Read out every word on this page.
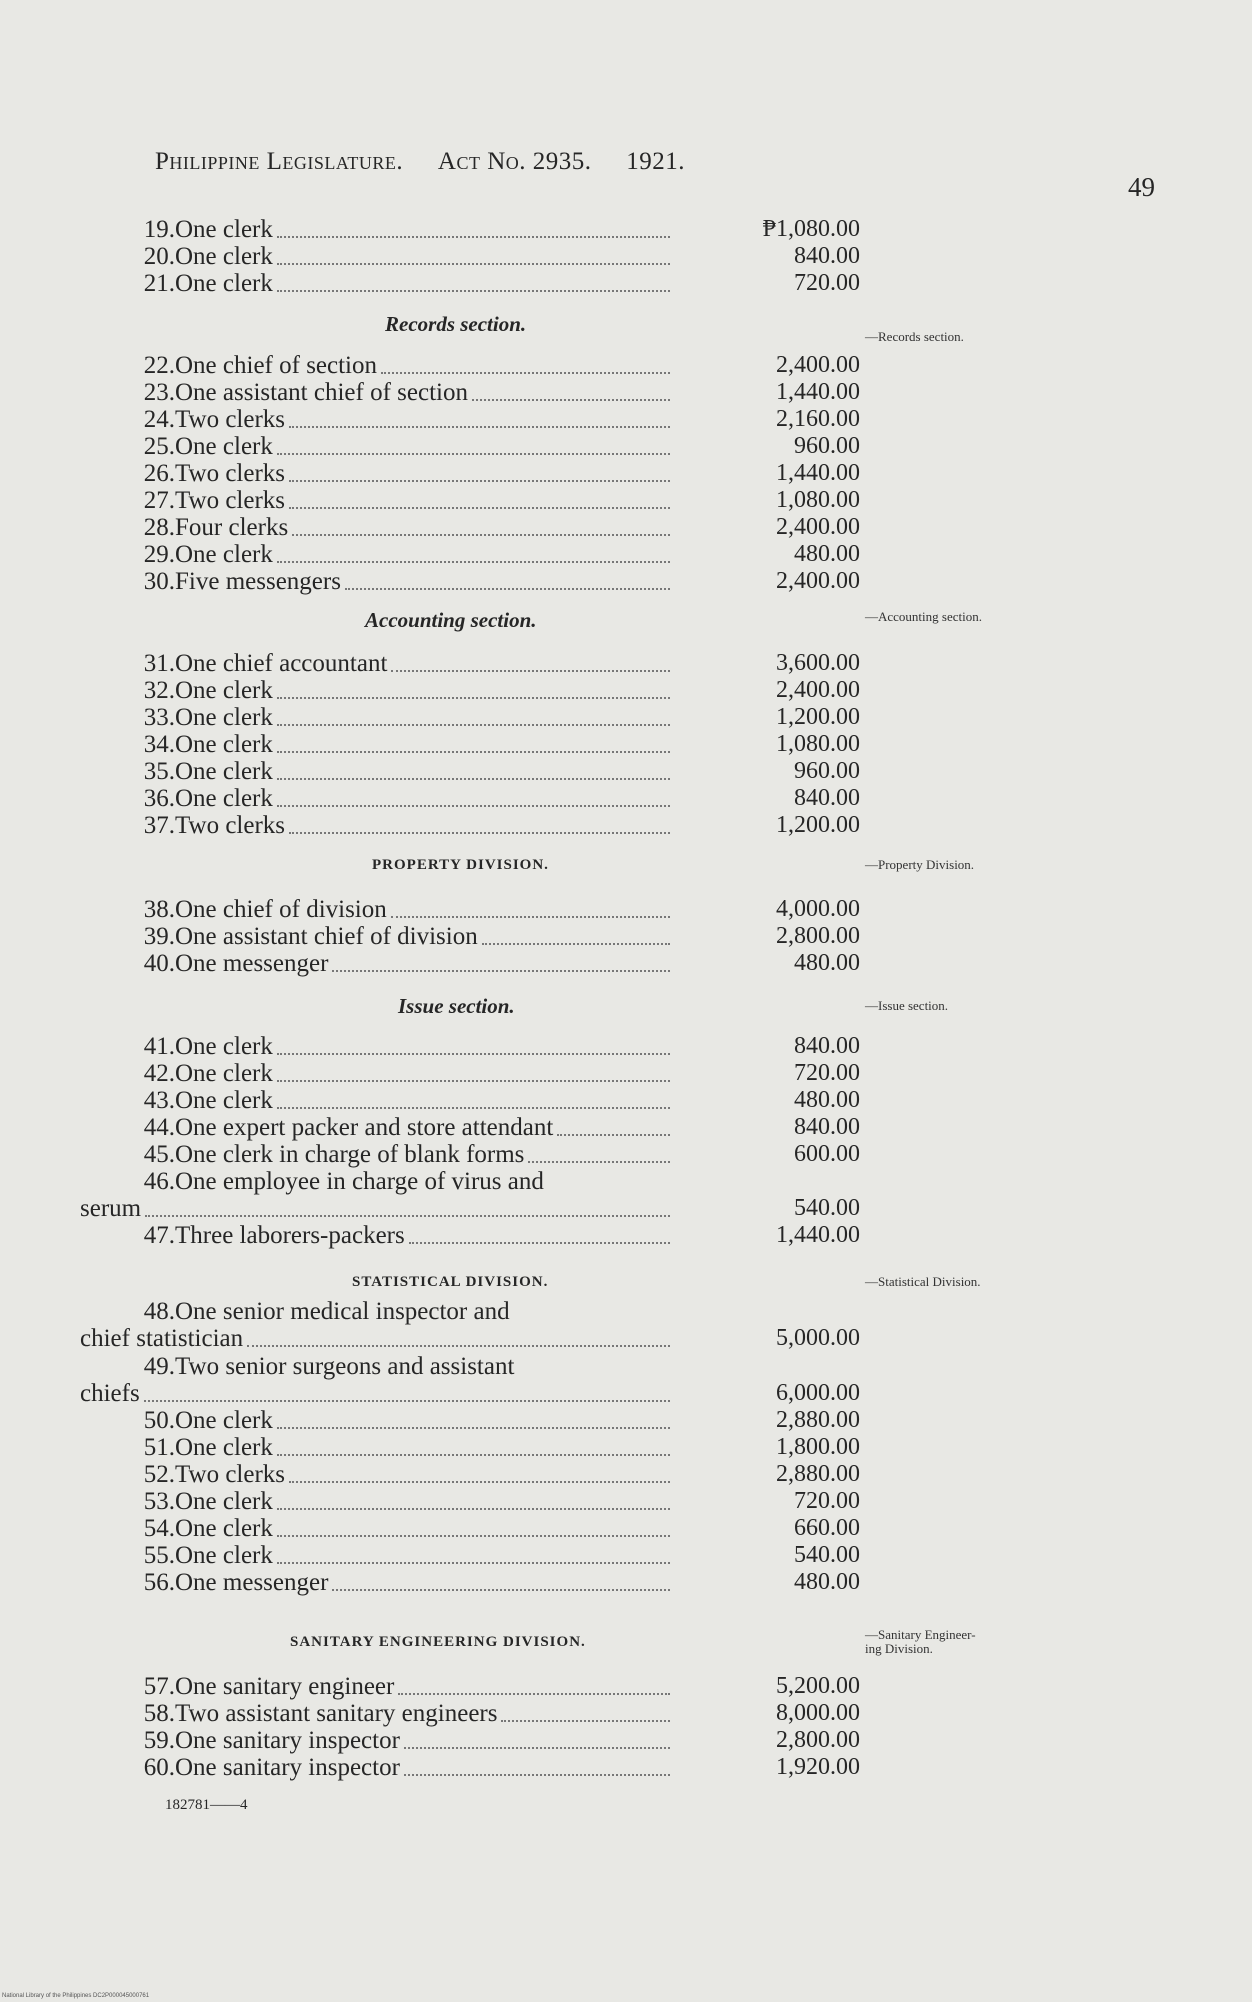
Philippine Legislature. Act No. 2935. 1921.
49
Records section.
Accounting section.
PROPERTY DIVISION.
Issue section.
STATISTICAL DIVISION.
SANITARY ENGINEERING DIVISION.
—Records section.
—Accounting section.
—Property Division.
—Issue section.
—Statistical Division.
—Sanitary Engineer-
ing Division.
19. One clerk	₱1,080.00
20. One clerk	840.00
21. One clerk	720.00
22. One chief of section	2,400.00
23. One assistant chief of section	1,440.00
24. Two clerks	2,160.00
25. One clerk	960.00
26. Two clerks	1,440.00
27. Two clerks	1,080.00
28. Four clerks	2,400.00
29. One clerk	480.00
30. Five messengers	2,400.00
31. One chief accountant	3,600.00
32. One clerk	2,400.00
33. One clerk	1,200.00
34. One clerk	1,080.00
35. One clerk	960.00
36. One clerk	840.00
37. Two clerks	1,200.00
38. One chief of division	4,000.00
39. One assistant chief of division	2,800.00
40. One messenger	480.00
41. One clerk	840.00
42. One clerk	720.00
43. One clerk	480.00
44. One expert packer and store attendant	840.00
45. One clerk in charge of blank forms	600.00
46. One employee in charge of virus and
serum	540.00
47. Three laborers-packers	1,440.00
48. One senior medical inspector and
chief statistician	5,000.00
49. Two senior surgeons and assistant
chiefs	6,000.00
50. One clerk	2,880.00
51. One clerk	1,800.00
52. Two clerks	2,880.00
53. One clerk	720.00
54. One clerk	660.00
55. One clerk	540.00
56. One messenger	480.00
57. One sanitary engineer	5,200.00
58. Two assistant sanitary engineers	8,000.00
59. One sanitary inspector	2,800.00
60. One sanitary inspector	1,920.00
182781——4
National Library of the Philippines DC2P000045000761
